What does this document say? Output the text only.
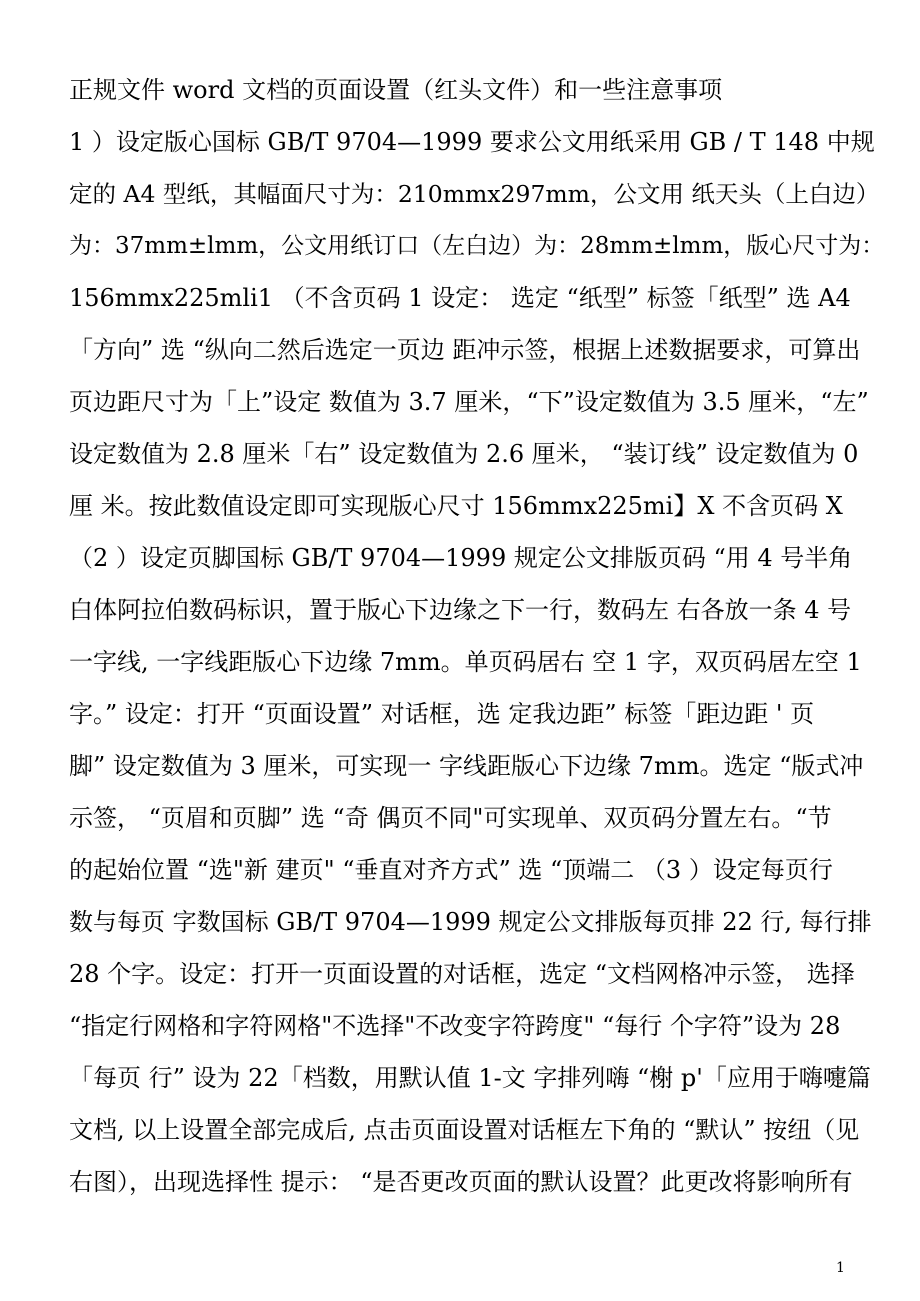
正规文件 word 文档的页面设置（红头文件）和一些注意事项
1 ）设定版心国标 GB/T 9704—1999 要求公文用纸采用 GB / T 148 中规
定的 A4 型纸，其幅面尺寸为：210mmx297mm，公文用 纸天头（上白边）
为：37mm±lmm，公文用纸订口（左白边）为：28mm±lmm，版心尺寸为：
156mmx225mli1 （不含页码 1 设定： 选定 “纸型” 标签「纸型” 选 A4
「方向” 选 “纵向二然后选定一页边 距冲示签，根据上述数据要求，可算出
页边距尺寸为「上”设定 数值为 3.7 厘米，“下”设定数值为 3.5 厘米，“左”
设定数值为 2.8 厘米「右” 设定数值为 2.6 厘米， “装订线” 设定数值为 0
厘 米。按此数值设定即可实现版心尺寸 156mmx225mi】X 不含页码 X
（2 ）设定页脚国标 GB/T 9704—1999 规定公文排版页码 “用 4 号半角
白体阿拉伯数码标识，置于版心下边缘之下一行，数码左 右各放一条 4 号
一字线, 一字线距版心下边缘 7mm。单页码居右 空 1 字，双页码居左空 1
字。” 设定：打开 “页面设置” 对话框，选 定我边距” 标签「距边距 ' 页
脚” 设定数值为 3 厘米，可实现一 字线距版心下边缘 7mm。选定 “版式冲
示签， “页眉和页脚” 选 “奇 偶页不同"可实现单、双页码分置左右。“节
的起始位置 “选"新 建页" “垂直对齐方式” 选 “顶端二 （3 ）设定每页行
数与每页 字数国标 GB/T 9704—1999 规定公文排版每页排 22 行, 每行排
28 个字。设定：打开一页面设置的对话框，选定 “文档网格冲示签， 选择
“指定行网格和字符网格"不选择"不改变字符跨度" “每行 个字符”设为 28
「每页 行” 设为 22「档数，用默认值 1-文 字排列嗨 “榭 p'「应用于嗨嚏篇
文档, 以上设置全部完成后, 点击页面设置对话框左下角的 “默认” 按纽（见
右图），出现选择性 提示： “是否更改页面的默认设置？此更改将影响所有
1
